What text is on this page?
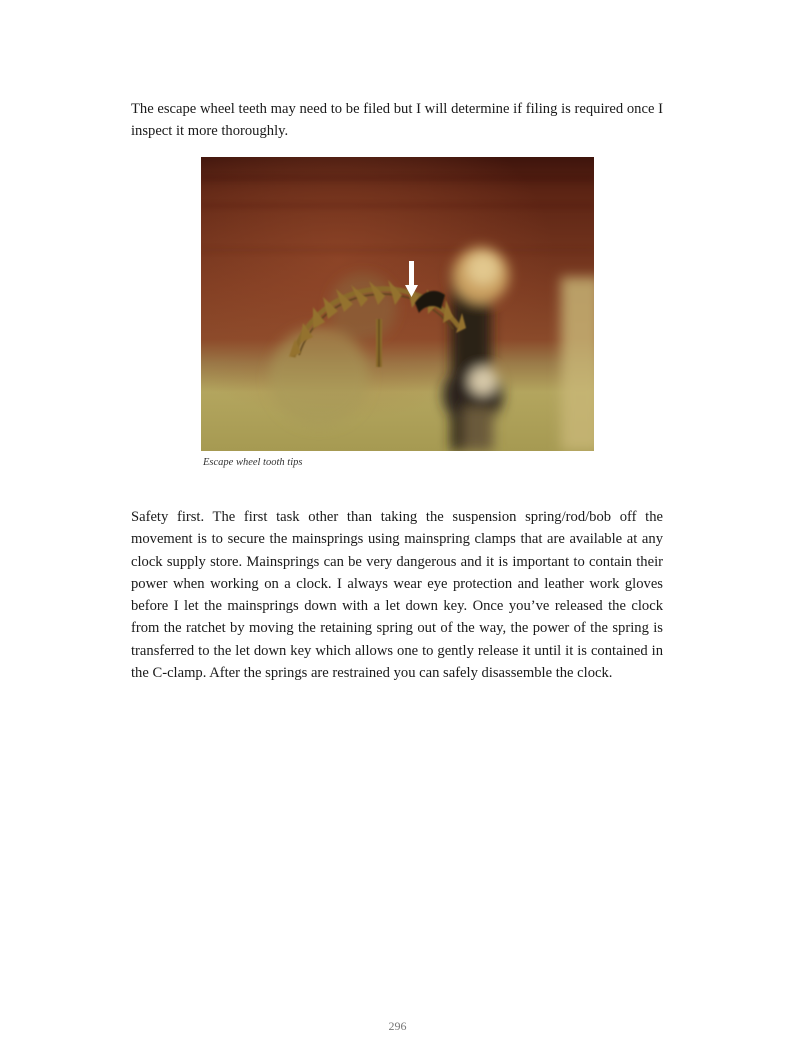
The escape wheel teeth may need to be filed but I will determine if filing is required once I inspect it more thoroughly.

Escape wheel tooth tips

Safety first. The first task other than taking the suspension spring/rod/bob off the movement is to secure the mainsprings using mainspring clamps that are available at any clock supply store. Mainsprings can be very dangerous and it is important to contain their power when working on a clock. I always wear eye protection and leather work gloves before I let the mainsprings down with a let down key. Once you’ve released the clock from the ratchet by moving the retaining spring out of the way, the power of the spring is transferred to the let down key which allows one to gently release it until it is contained in the C-clamp. After the springs are restrained you can safely disassemble the clock.

296
